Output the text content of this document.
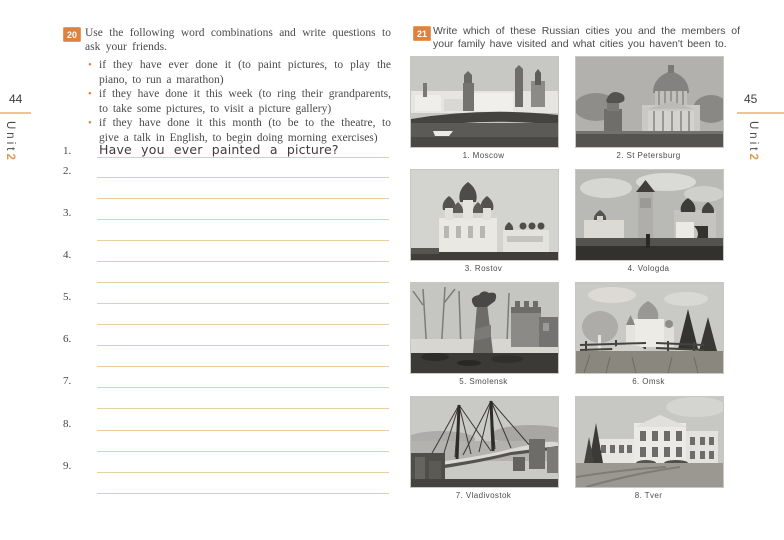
20 Use the following word combinations and write questions to ask your friends.
• if they have ever done it (to paint pictures, to play the piano, to run a marathon)
• if they have done it this week (to ring their grandparents, to take some pictures, to visit a picture gallery)
• if they have done it this month (to be to the theatre, to give a talk in English, to begin doing morning exercises)
1.	Have you ever painted a picture?
2.
3.
4.
5.
6.
7.
8.
9.
44
Unit2
21 Write which of these Russian cities you and the members of your family have visited and what cities you haven't been to.
1. Moscow	2. St Petersburg
3. Rostov	4. Vologda
5. Smolensk	6. Omsk
7. Vladivostok	8. Tver
45
Unit2
